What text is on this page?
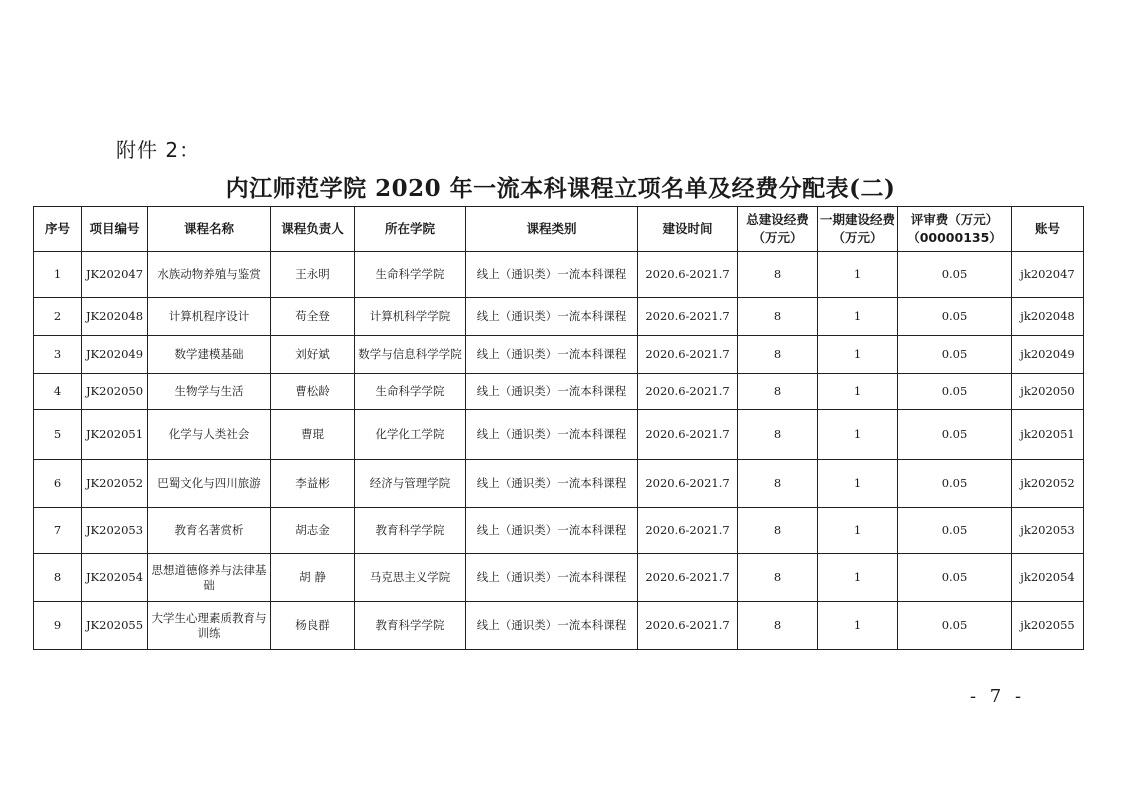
附件 2：
内江师范学院 2020 年一流本科课程立项名单及经费分配表(二)
序号	项目编号	课程名称	课程负责人	所在学院	课程类别	建设时间	总建设经费（万元）	一期建设经费（万元）	评审费（万元）（00000135）	账号
1	JK202047	水族动物养殖与鉴赏	王永明	生命科学学院	线上（通识类）一流本科课程	2020.6-2021.7	8	1	0.05	jk202047
2	JK202048	计算机程序设计	苟全登	计算机科学学院	线上（通识类）一流本科课程	2020.6-2021.7	8	1	0.05	jk202048
3	JK202049	数学建模基础	刘好斌	数学与信息科学学院	线上（通识类）一流本科课程	2020.6-2021.7	8	1	0.05	jk202049
4	JK202050	生物学与生活	曹松龄	生命科学学院	线上（通识类）一流本科课程	2020.6-2021.7	8	1	0.05	jk202050
5	JK202051	化学与人类社会	曹琨	化学化工学院	线上（通识类）一流本科课程	2020.6-2021.7	8	1	0.05	jk202051
6	JK202052	巴蜀文化与四川旅游	李益彬	经济与管理学院	线上（通识类）一流本科课程	2020.6-2021.7	8	1	0.05	jk202052
7	JK202053	教育名著赏析	胡志金	教育科学学院	线上（通识类）一流本科课程	2020.6-2021.7	8	1	0.05	jk202053
8	JK202054	思想道德修养与法律基础	胡 静	马克思主义学院	线上（通识类）一流本科课程	2020.6-2021.7	8	1	0.05	jk202054
9	JK202055	大学生心理素质教育与训练	杨良群	教育科学学院	线上（通识类）一流本科课程	2020.6-2021.7	8	1	0.05	jk202055
- 7 -
